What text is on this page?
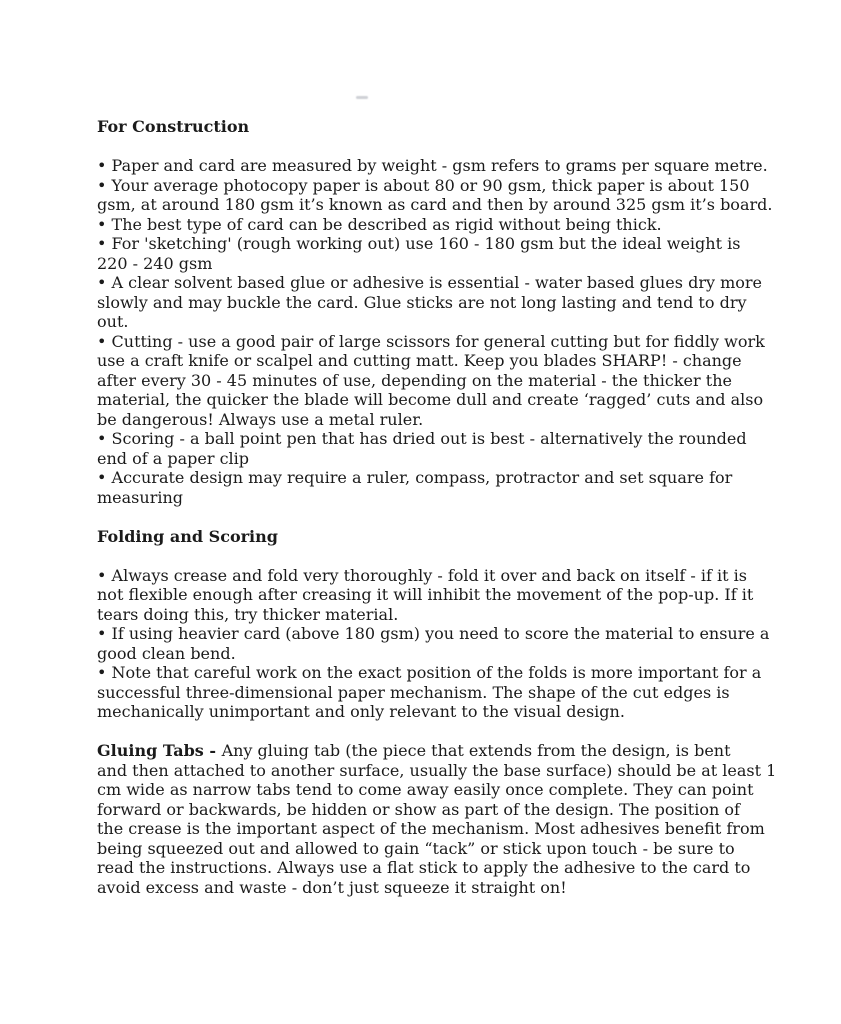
For Construction
• Paper and card are measured by weight - gsm refers to grams per square metre.
• Your average photocopy paper is about 80 or 90 gsm, thick paper is about 150
gsm, at around 180 gsm it’s known as card and then by around 325 gsm it’s board.
• The best type of card can be described as rigid without being thick.
• For 'sketching' (rough working out) use 160 - 180 gsm but the ideal weight is
220 - 240 gsm
• A clear solvent based glue or adhesive is essential - water based glues dry more
slowly and may buckle the card. Glue sticks are not long lasting and tend to dry
out.
• Cutting - use a good pair of large scissors for general cutting but for fiddly work
use a craft knife or scalpel and cutting matt. Keep you blades SHARP! - change
after every 30 - 45 minutes of use, depending on the material - the thicker the
material, the quicker the blade will become dull and create ‘ragged’ cuts and also
be dangerous! Always use a metal ruler.
• Scoring - a ball point pen that has dried out is best - alternatively the rounded
end of a paper clip
• Accurate design may require a ruler, compass, protractor and set square for
measuring
Folding and Scoring
• Always crease and fold very thoroughly - fold it over and back on itself - if it is
not flexible enough after creasing it will inhibit the movement of the pop-up. If it
tears doing this, try thicker material.
• If using heavier card (above 180 gsm) you need to score the material to ensure a
good clean bend.
• Note that careful work on the exact position of the folds is more important for a
successful three-dimensional paper mechanism. The shape of the cut edges is
mechanically unimportant and only relevant to the visual design.
Gluing Tabs - Any gluing tab (the piece that extends from the design, is bent
and then attached to another surface, usually the base surface) should be at least 1
cm wide as narrow tabs tend to come away easily once complete. They can point
forward or backwards, be hidden or show as part of the design. The position of
the crease is the important aspect of the mechanism. Most adhesives benefit from
being squeezed out and allowed to gain “tack” or stick upon touch - be sure to
read the instructions. Always use a flat stick to apply the adhesive to the card to
avoid excess and waste - don’t just squeeze it straight on!
